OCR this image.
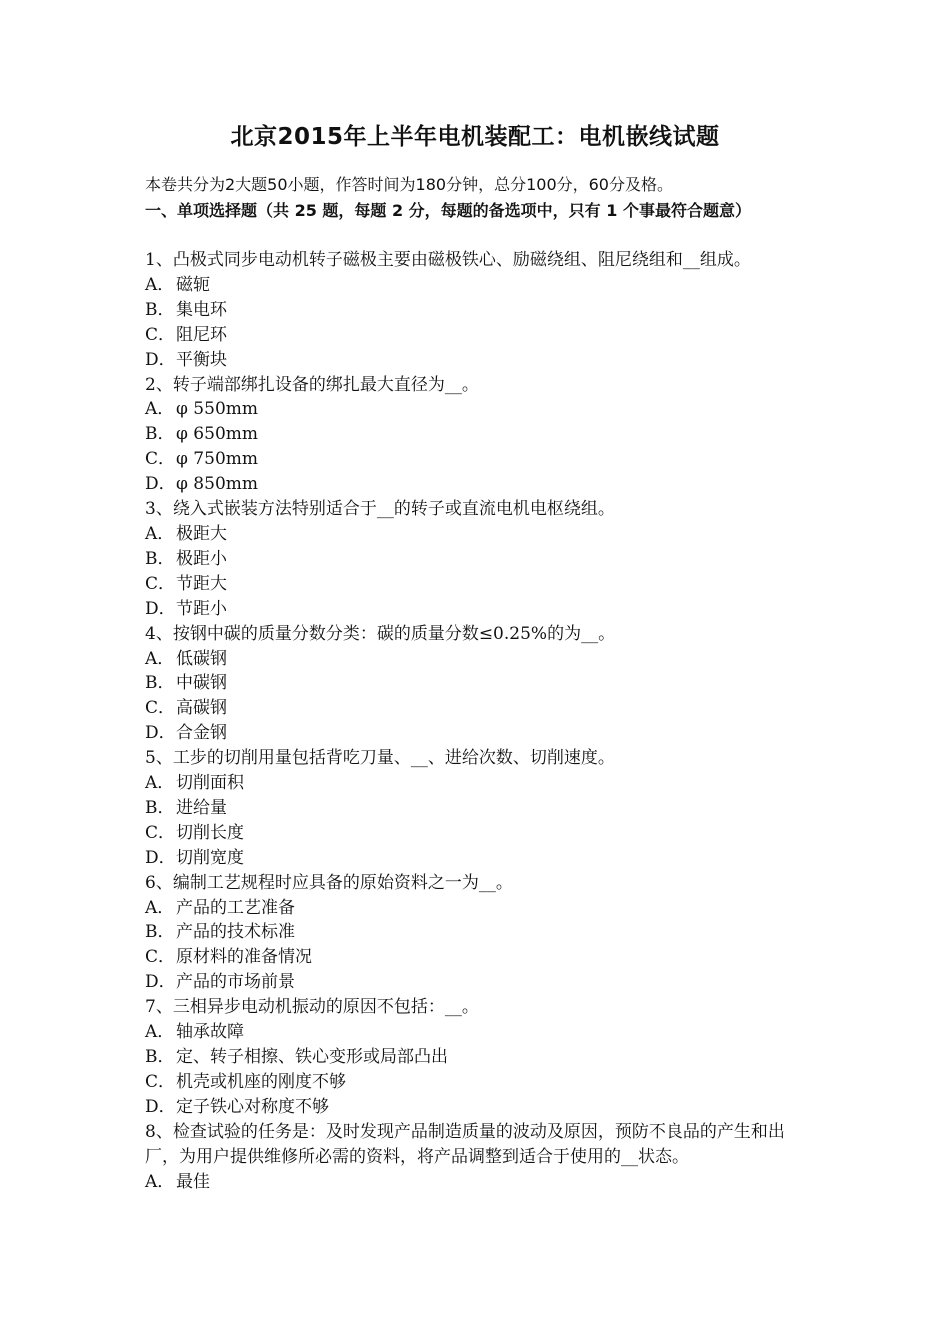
北京2015年上半年电机装配工：电机嵌线试题
本卷共分为2大题50小题，作答时间为180分钟，总分100分，60分及格。
一、单项选择题（共 25 题，每题 2 分，每题的备选项中，只有 1 个事最符合题意）
1、凸极式同步电动机转子磁极主要由磁极铁心、励磁绕组、阻尼绕组和__组成。
A． 磁轭
B．集电环
C．阻尼环
D．平衡块
2、转子端部绑扎设备的绑扎最大直径为__。
A． φ 550mm
B．φ 650mm
C．φ 750mm
D．φ 850mm
3、绕入式嵌装方法特别适合于__的转子或直流电机电枢绕组。
A． 极距大
B．极距小
C．节距大
D．节距小
4、按钢中碳的质量分数分类：碳的质量分数≤0.25%的为__。
A． 低碳钢
B．中碳钢
C．高碳钢
D．合金钢
5、工步的切削用量包括背吃刀量、__、进给次数、切削速度。
A． 切削面积
B．进给量
C．切削长度
D．切削宽度
6、编制工艺规程时应具备的原始资料之一为__。
A． 产品的工艺准备
B．产品的技术标准
C．原材料的准备情况
D．产品的市场前景
7、三相异步电动机振动的原因不包括：__。
A． 轴承故障
B．定、转子相擦、铁心变形或局部凸出
C．机壳或机座的刚度不够
D．定子铁心对称度不够
8、检查试验的任务是：及时发现产品制造质量的波动及原因，预防不良品的产生和出厂，为用户提供维修所必需的资料，将产品调整到适合于使用的__状态。
A． 最佳
